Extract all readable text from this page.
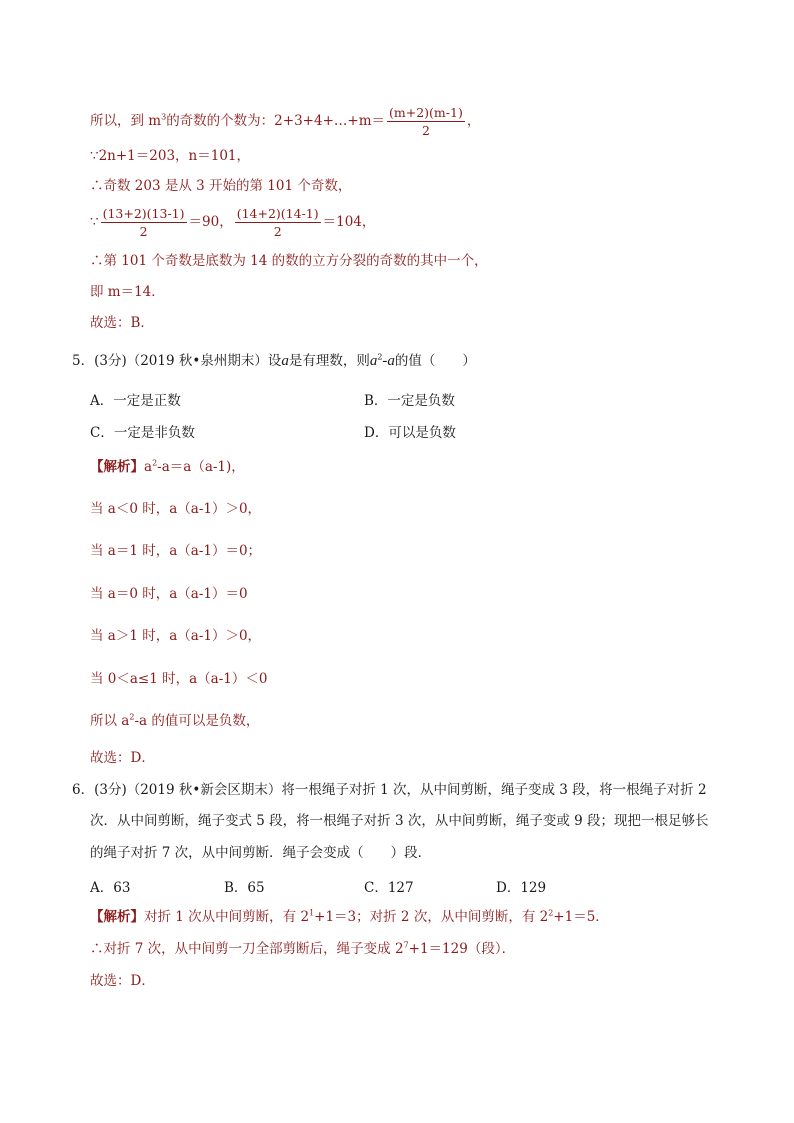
所以，到 $m^3$的奇数的个数为：2+3+4+…+m＝ $\frac{(m+2)(m-1)}{2}$ ，
∵2n+1＝203，n＝101，
∴奇数 203 是从 3 开始的第 101 个奇数，
∵ $\frac{(13+2)(13-1)}{2} =90$， $\frac{(14+2)(14-1)}{2} =104$，
∴第 101 个奇数是底数为 14 的数的立方分裂的奇数的其中一个，
即 m＝14．
故选：B．
5．(3分)（2019 秋•泉州期末）设a是有理数，则$a^2-a$的值（　　）
A．一定是正数	B．一定是负数
C．一定是非负数	D．可以是负数
【解析】$a^2-a=a(a-1)$，
当 a＜0 时，a（a-1）＞0，
当 a＝1 时，a（a-1）＝0；
当 a＝0 时，a（a-1）＝0
当 a＞1 时，a（a-1）＞0，
当 0＜a≤1 时，a（a-1）＜0
所以 $a^2-a$ 的值可以是负数，
故选：D．
6．(3分)（2019 秋•新会区期末）将一根绳子对折 1 次，从中间剪断，绳子变成 3 段，将一根绳子对折 2
次．从中间剪断，绳子变式 5 段，将一根绳子对折 3 次，从中间剪断，绳子变或 9 段；现把一根足够长
的绳子对折 7 次，从中间剪断．绳子会变成（　　）段．
A．63	B．65	C．127	D．129
【解析】对折 1 次从中间剪断，有 $2^1+1=3$；对折 2 次，从中间剪断，有 $2^2+1=5$．
∴对折 7 次，从中间剪一刀全部剪断后，绳子变成 $2^7+1=129$（段）．
故选：D．
